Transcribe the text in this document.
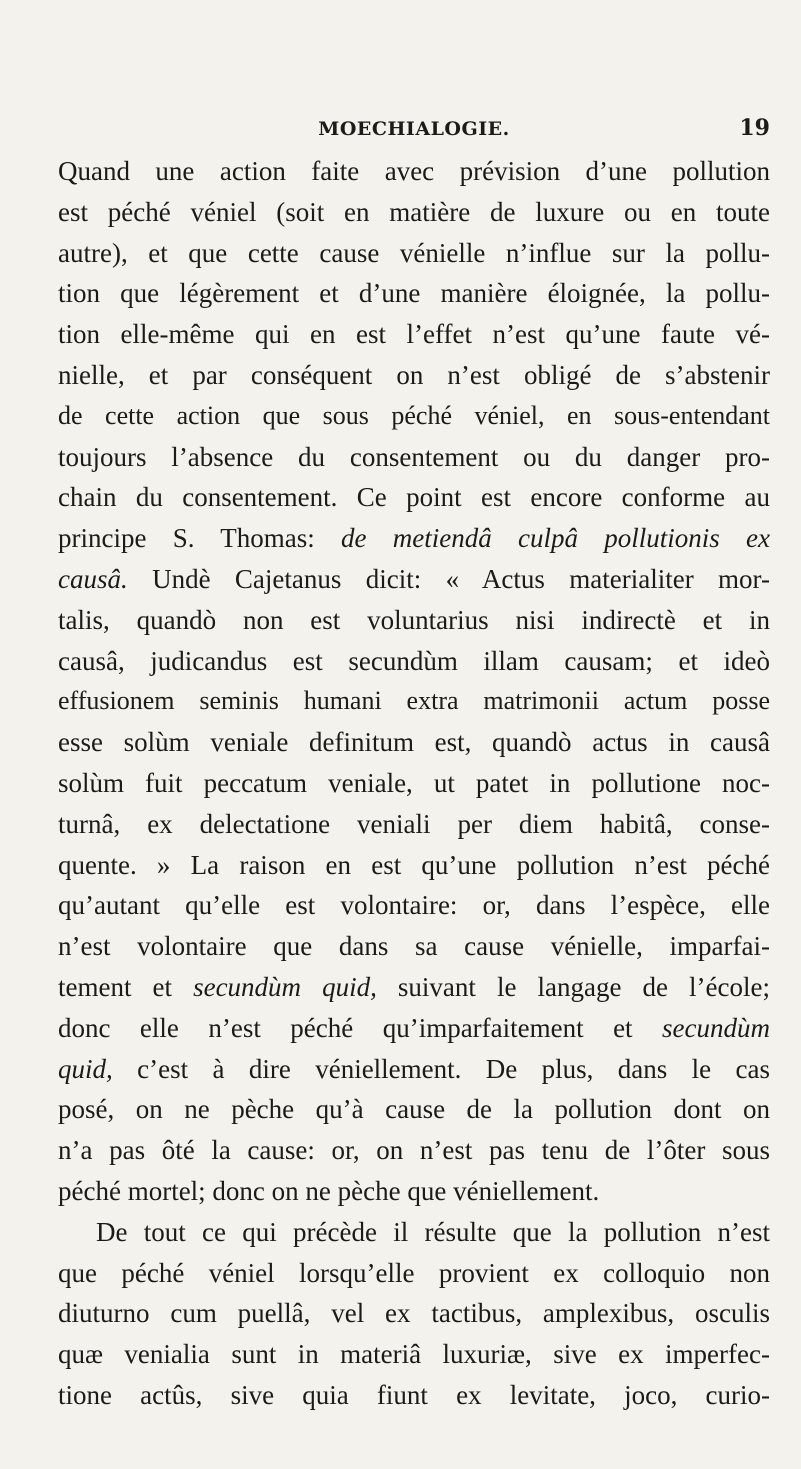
MOECHIALOGIE.	19
Quand une action faite avec prévision d’une pollution
est péché véniel (soit en matière de luxure ou en toute
autre), et que cette cause vénielle n’influe sur la pollu-
tion que légèrement et d’une manière éloignée, la pollu-
tion elle-même qui en est l’effet n’est qu’une faute vé-
nielle, et par conséquent on n’est obligé de s’abstenir
de cette action que sous péché véniel, en sous-entendant
toujours l’absence du consentement ou du danger pro-
chain du consentement. Ce point est encore conforme au
principe S. Thomas: de metiendâ culpâ pollutionis ex
causâ. Undè Cajetanus dicit: « Actus materialiter mor-
talis, quandò non est voluntarius nisi indirectè et in
causâ, judicandus est secundùm illam causam; et ideò
effusionem seminis humani extra matrimonii actum posse
esse solùm veniale definitum est, quandò actus in causâ
solùm fuit peccatum veniale, ut patet in pollutione noc-
turnâ, ex delectatione veniali per diem habitâ, conse-
quente. » La raison en est qu’une pollution n’est péché
qu’autant qu’elle est volontaire: or, dans l’espèce, elle
n’est volontaire que dans sa cause vénielle, imparfai-
tement et secundùm quid, suivant le langage de l’école;
donc elle n’est péché qu’imparfaitement et secundùm
quid, c’est à dire véniellement. De plus, dans le cas
posé, on ne pèche qu’à cause de la pollution dont on
n’a pas ôté la cause: or, on n’est pas tenu de l’ôter sous
péché mortel; donc on ne pèche que véniellement.
De tout ce qui précède il résulte que la pollution n’est
que péché véniel lorsqu’elle provient ex colloquio non
diuturno cum puellâ, vel ex tactibus, amplexibus, osculis
quæ venialia sunt in materiâ luxuriæ, sive ex imperfec-
tione actûs, sive quia fiunt ex levitate, joco, curio-
